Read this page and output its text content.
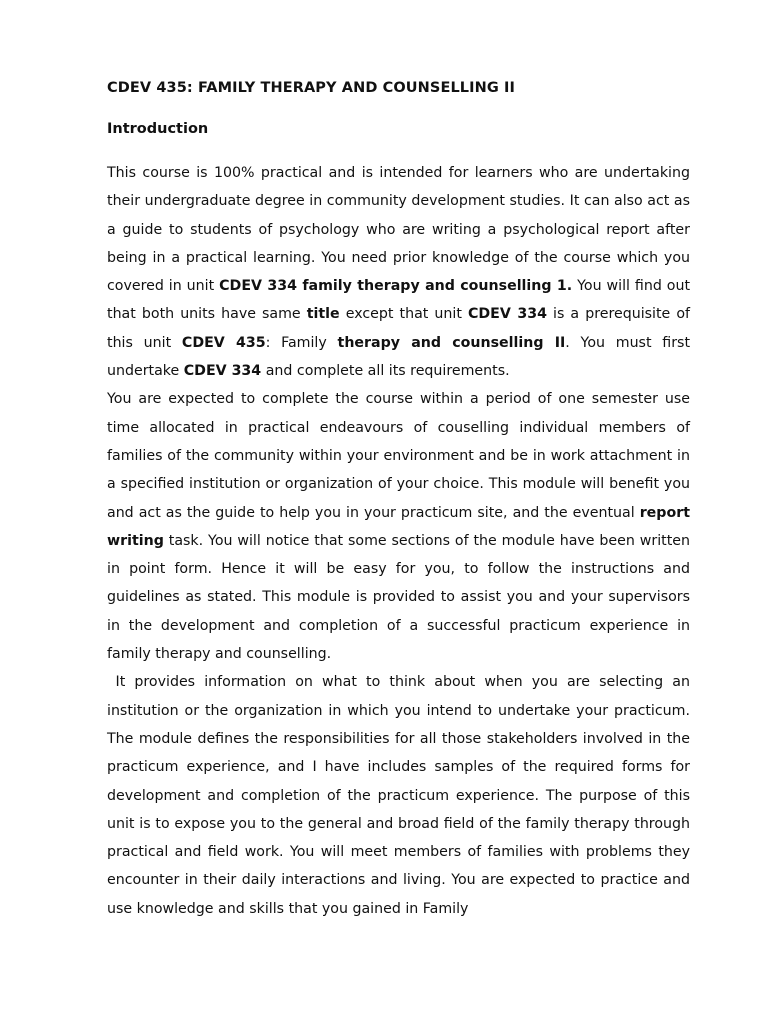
CDEV 435: FAMILY THERAPY AND COUNSELLING II

Introduction

This course is 100% practical and is intended for learners who are undertaking their undergraduate degree in community development studies. It can also act as a guide to students of psychology who are writing a psychological report after being in a practical learning. You need prior knowledge of the course which you covered in unit CDEV 334 family therapy and counselling 1. You will find out that both units have same title except that unit CDEV 334 is a prerequisite of this unit CDEV 435: Family therapy and counselling II. You must first undertake CDEV 334 and complete all its requirements.

You are expected to complete the course within a period of one semester use time allocated in practical endeavours of couselling individual members of families of the community within your environment and be in work attachment in a specified institution or organization of your choice. This module will benefit you and act as the guide to help you in your practicum site, and the eventual report writing task. You will notice that some sections of the module have been written in point form. Hence it will be easy for you, to follow the instructions and guidelines as stated. This module is provided to assist you and your supervisors in the development and completion of a successful practicum experience in family therapy and counselling.

It provides information on what to think about when you are selecting an institution or the organization in which you intend to undertake your practicum. The module defines the responsibilities for all those stakeholders involved in the practicum experience, and I have includes samples of the required forms for development and completion of the practicum experience. The purpose of this unit is to expose you to the general and broad field of the family therapy through practical and field work. You will meet members of families with problems they encounter in their daily interactions and living. You are expected to practice and use knowledge and skills that you gained in Family
